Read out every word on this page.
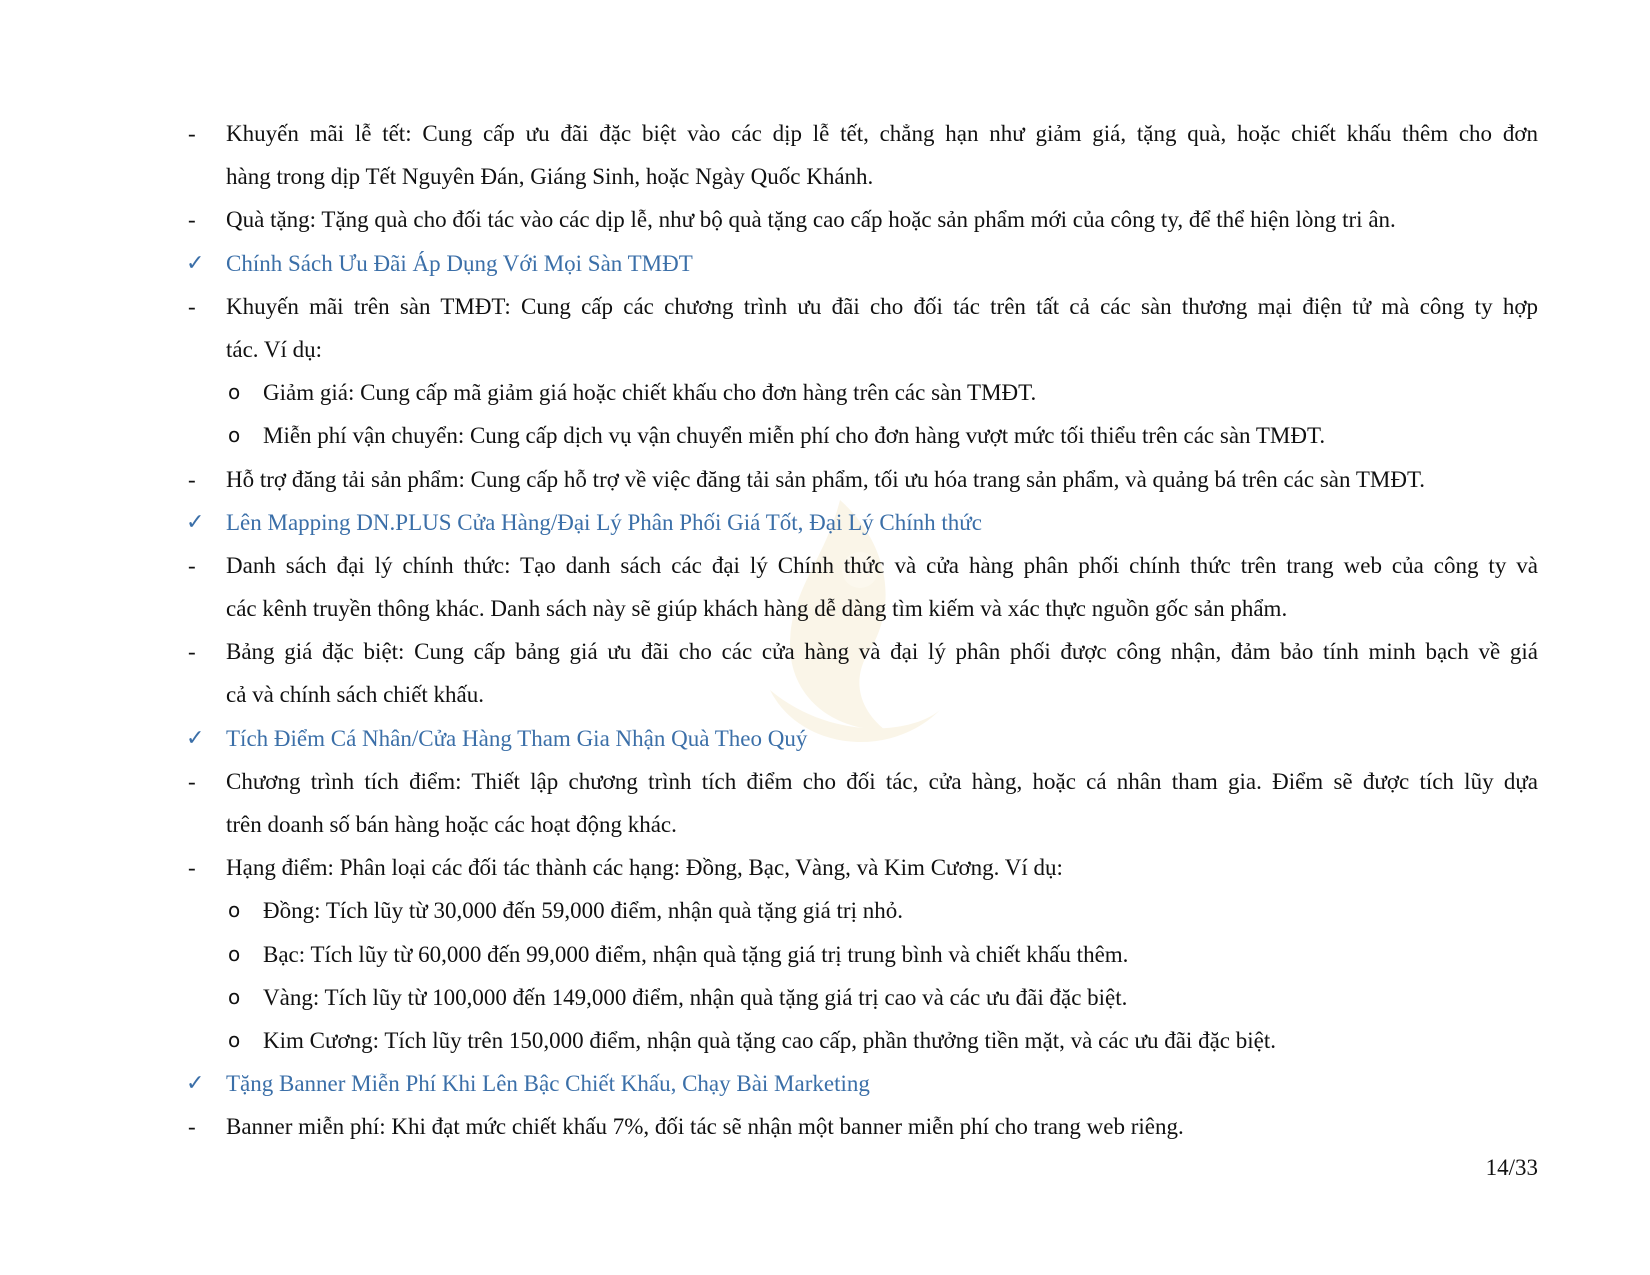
- Khuyến mãi lễ tết: Cung cấp ưu đãi đặc biệt vào các dịp lễ tết, chẳng hạn như giảm giá, tặng quà, hoặc chiết khấu thêm cho đơn
hàng trong dịp Tết Nguyên Đán, Giáng Sinh, hoặc Ngày Quốc Khánh.
- Quà tặng: Tặng quà cho đối tác vào các dịp lễ, như bộ quà tặng cao cấp hoặc sản phẩm mới của công ty, để thể hiện lòng tri ân.
✓ Chính Sách Ưu Đãi Áp Dụng Với Mọi Sàn TMĐT
- Khuyến mãi trên sàn TMĐT: Cung cấp các chương trình ưu đãi cho đối tác trên tất cả các sàn thương mại điện tử mà công ty hợp
tác. Ví dụ:
o Giảm giá: Cung cấp mã giảm giá hoặc chiết khấu cho đơn hàng trên các sàn TMĐT.
o Miễn phí vận chuyển: Cung cấp dịch vụ vận chuyển miễn phí cho đơn hàng vượt mức tối thiểu trên các sàn TMĐT.
- Hỗ trợ đăng tải sản phẩm: Cung cấp hỗ trợ về việc đăng tải sản phẩm, tối ưu hóa trang sản phẩm, và quảng bá trên các sàn TMĐT.
✓ Lên Mapping DN.PLUS Cửa Hàng/Đại Lý Phân Phối Giá Tốt, Đại Lý Chính thức
- Danh sách đại lý chính thức: Tạo danh sách các đại lý Chính thức và cửa hàng phân phối chính thức trên trang web của công ty và
các kênh truyền thông khác. Danh sách này sẽ giúp khách hàng dễ dàng tìm kiếm và xác thực nguồn gốc sản phẩm.
- Bảng giá đặc biệt: Cung cấp bảng giá ưu đãi cho các cửa hàng và đại lý phân phối được công nhận, đảm bảo tính minh bạch về giá
cả và chính sách chiết khấu.
✓ Tích Điểm Cá Nhân/Cửa Hàng Tham Gia Nhận Quà Theo Quý
- Chương trình tích điểm: Thiết lập chương trình tích điểm cho đối tác, cửa hàng, hoặc cá nhân tham gia. Điểm sẽ được tích lũy dựa
trên doanh số bán hàng hoặc các hoạt động khác.
- Hạng điểm: Phân loại các đối tác thành các hạng: Đồng, Bạc, Vàng, và Kim Cương. Ví dụ:
o Đồng: Tích lũy từ 30,000 đến 59,000 điểm, nhận quà tặng giá trị nhỏ.
o Bạc: Tích lũy từ 60,000 đến 99,000 điểm, nhận quà tặng giá trị trung bình và chiết khấu thêm.
o Vàng: Tích lũy từ 100,000 đến 149,000 điểm, nhận quà tặng giá trị cao và các ưu đãi đặc biệt.
o Kim Cương: Tích lũy trên 150,000 điểm, nhận quà tặng cao cấp, phần thưởng tiền mặt, và các ưu đãi đặc biệt.
✓ Tặng Banner Miễn Phí Khi Lên Bậc Chiết Khấu, Chạy Bài Marketing
- Banner miễn phí: Khi đạt mức chiết khấu 7%, đối tác sẽ nhận một banner miễn phí cho trang web riêng.
14/33
